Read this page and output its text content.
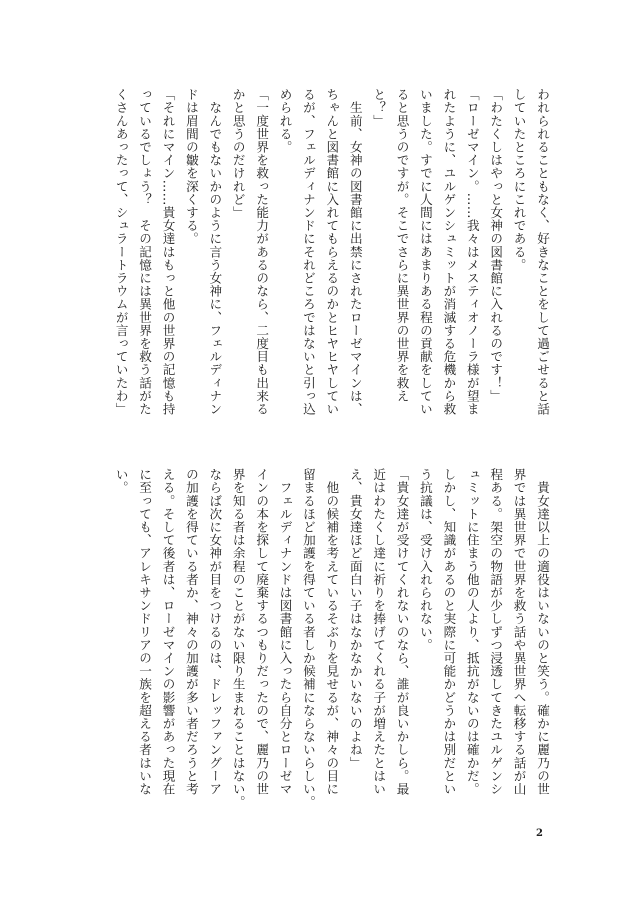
われられることもなく、好きなことをして過ごせると話

していたところにこれである。

「わたくしはやっと女神の図書館に入れるのです！」

「ローゼマイン。……我々はメスティオノーラ様が望ま

れたように、ユルゲンシュミットが消滅する危機から救

いました。すでに人間にはあまりある程の貢献をしてい

ると思うのですが。そこでさらに異世界の世界を救え

と？」

　生前、女神の図書館に出禁にされたローゼマインは、

ちゃんと図書館に入れてもらえるのかとヒヤヒヤしてい

るが、フェルディナンドにそれどころではないと引っ込

められる。

「一度世界を救った能力があるのなら、二度目も出来る

かと思うのだけれど」

　なんでもないかのように言う女神に、フェルディナン

ドは眉間の皺を深くする。

「それにマイン……貴女達はもっと他の世界の記憶も持

っているでしょう？　その記憶には異世界を救う話がた

くさんあったって、シュラートラウムが言っていたわ」

　貴女達以上の適役はいないのと笑う。確かに麗乃の世

界では異世界で世界を救う話や異世界へ転移する話が山

程ある。架空の物語が少しずつ浸透してきたユルゲンシ

ュミットに住まう他の人より、抵抗がないのは確かだ。

しかし、知識があるのと実際に可能かどうかは別だとい

う抗議は、受け入れられない。

「貴女達が受けてくれないのなら、誰が良いかしら。最

近はわたくし達に祈りを捧げてくれる子が増えたとはい

え、貴女達ほど面白い子はなかなかいないのよね」

　他の候補を考えているそぶりを見せるが、神々の目に

留まるほど加護を得ている者しか候補にならないらしい。

　フェルディナンドは図書館に入ったら自分とローゼマ

インの本を探して廃棄するつもりだったので、麗乃の世

界を知る者は余程のことがない限り生まれることはない。

ならば次に女神が目をつけるのは、ドレッファングーア

の加護を得ている者か、神々の加護が多い者だろうと考

える。そして後者は、ローゼマインの影響があった現在

に至っても、アレキサンドリアの一族を超える者はいな

い。

2
